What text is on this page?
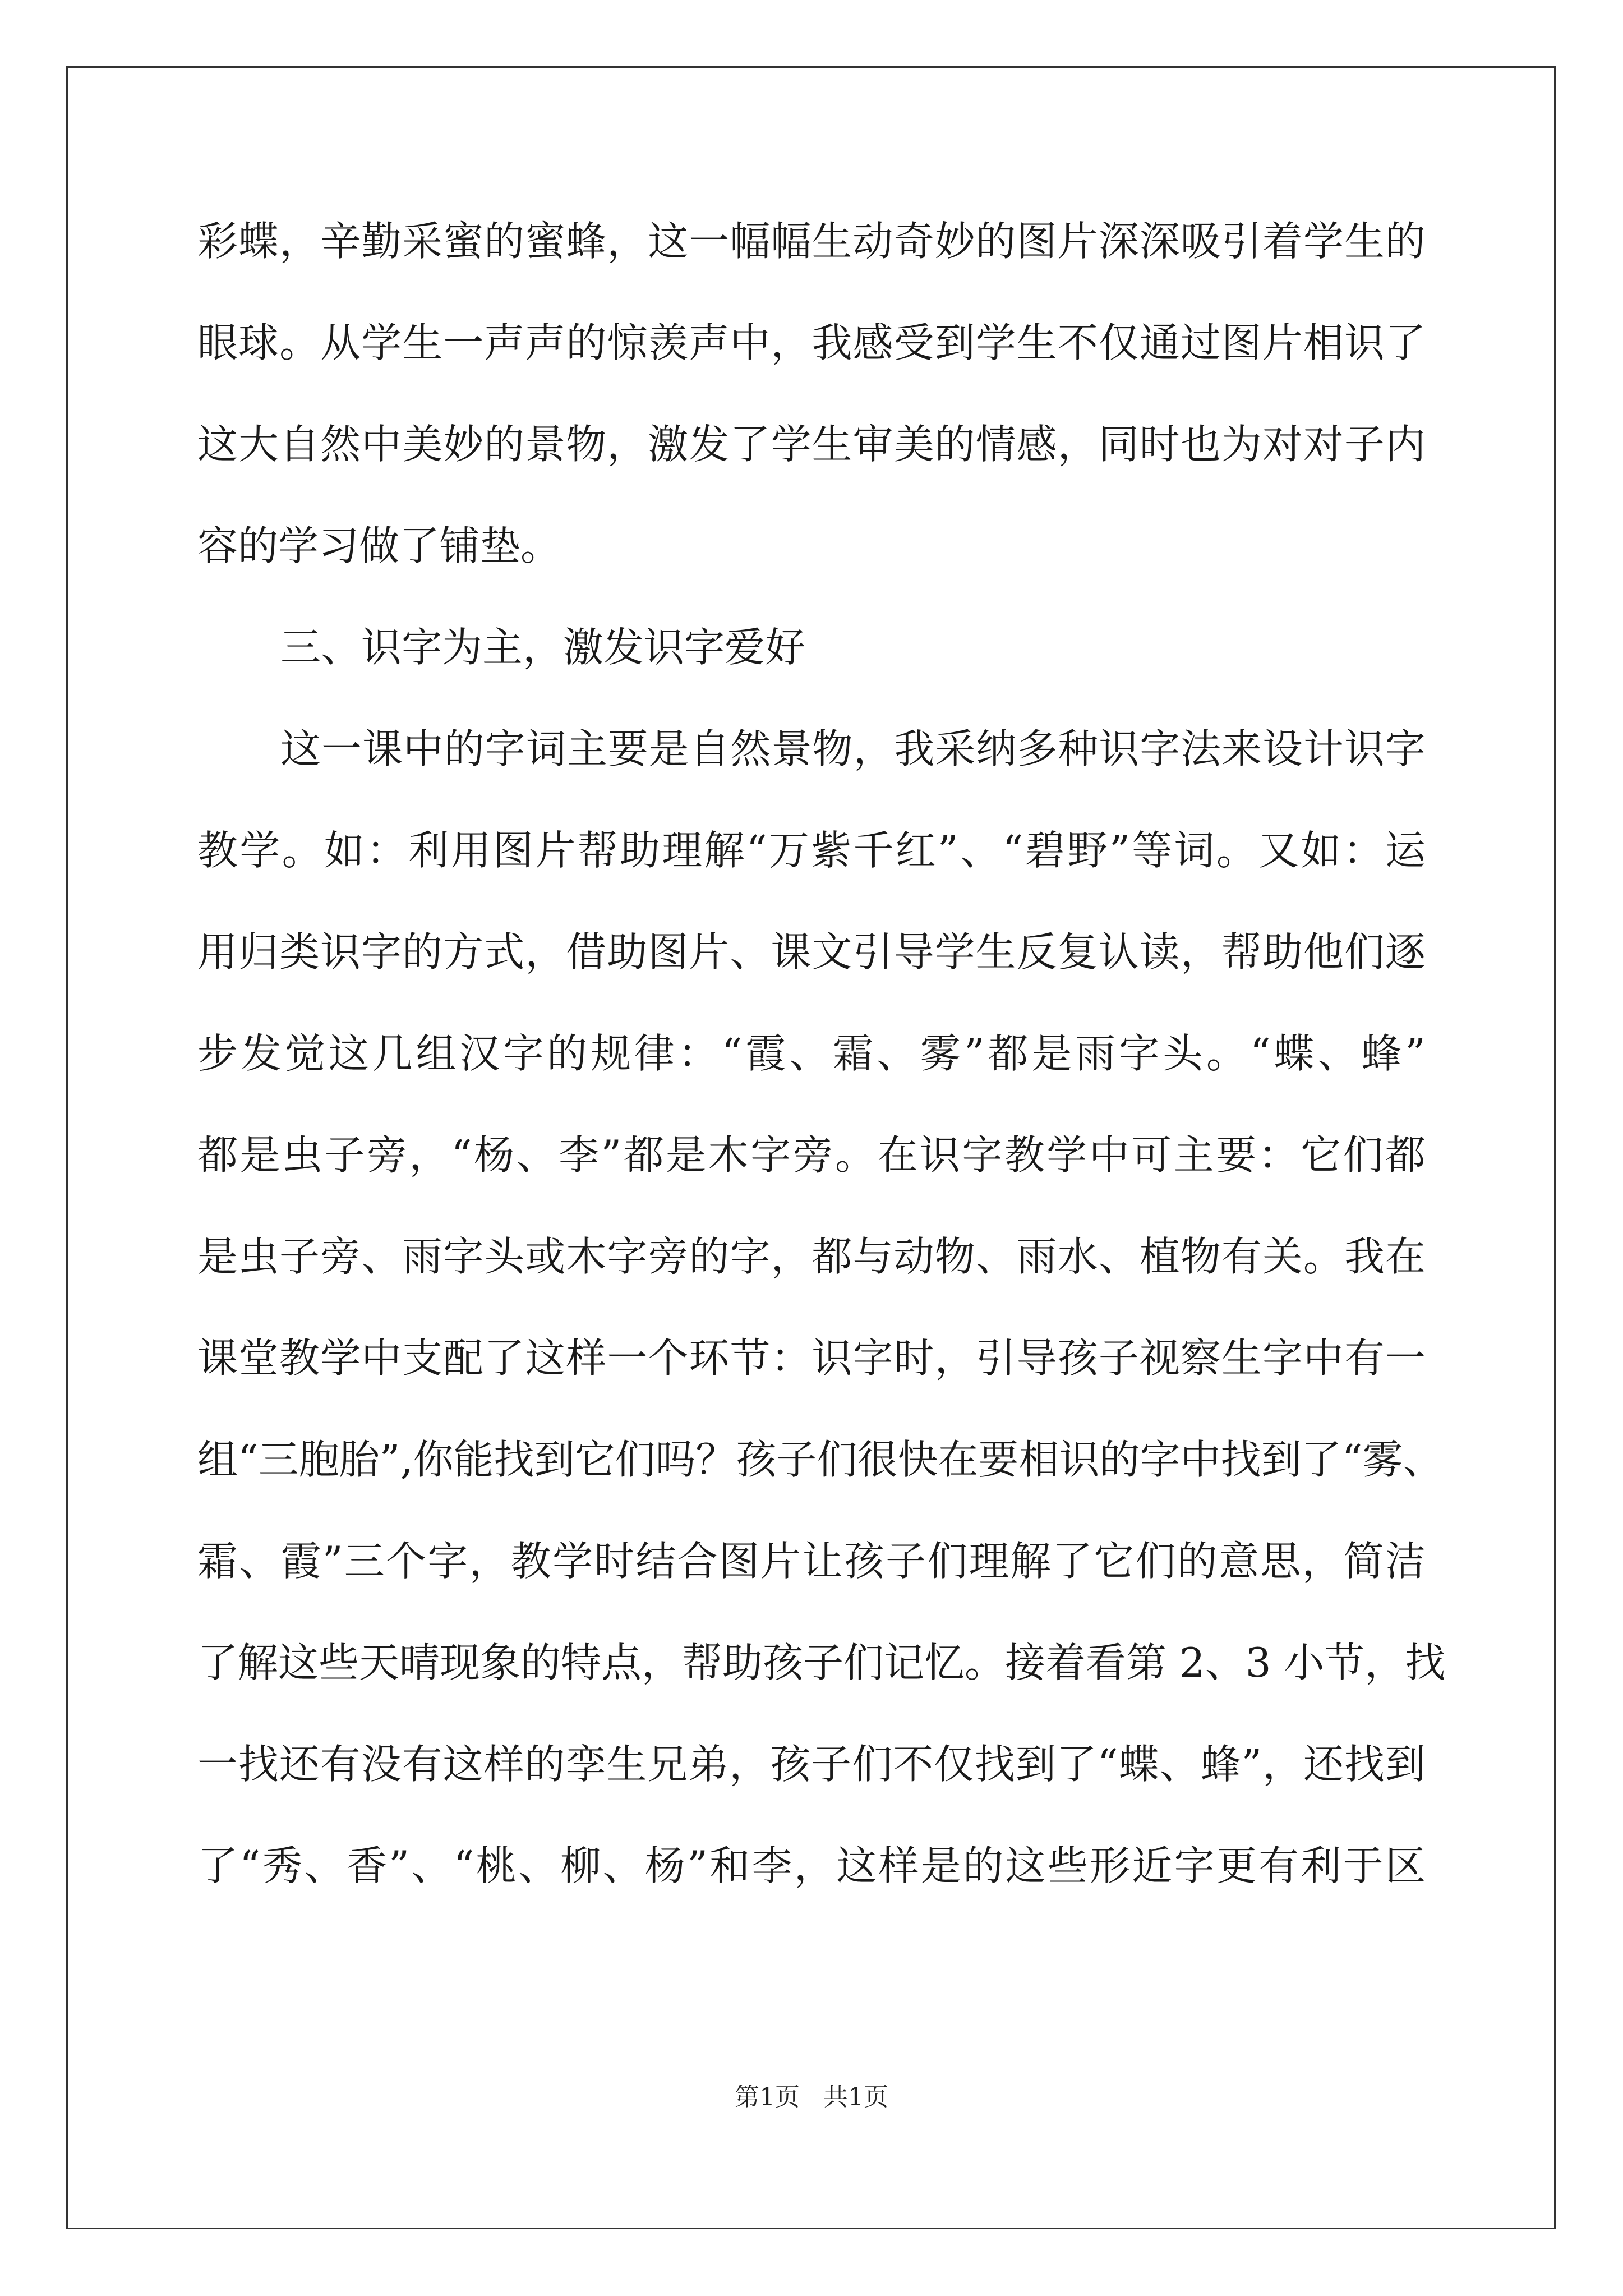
彩蝶，辛勤采蜜的蜜蜂，这一幅幅生动奇妙的图片深深吸引着学生的
眼球。从学生一声声的惊羡声中，我感受到学生不仅通过图片相识了
这大自然中美妙的景物，激发了学生审美的情感，同时也为对对子内
容的学习做了铺垫。
三、识字为主，激发识字爱好
这一课中的字词主要是自然景物，我采纳多种识字法来设计识字
教学。如：利用图片帮助理解“万紫千红”、“碧野”等词。又如：运
用归类识字的方式，借助图片、课文引导学生反复认读，帮助他们逐
步发觉这几组汉字的规律：“霞、霜、雾”都是雨字头。“蝶、蜂”
都是虫子旁，“杨、李”都是木字旁。在识字教学中可主要：它们都
是虫子旁、雨字头或木字旁的字，都与动物、雨水、植物有关。我在
课堂教学中支配了这样一个环节：识字时，引导孩子视察生字中有一
组“三胞胎”,你能找到它们吗？孩子们很快在要相识的字中找到了“雾、
霜、霞”三个字，教学时结合图片让孩子们理解了它们的意思，简洁
了解这些天晴现象的特点，帮助孩子们记忆。接着看第 2、3 小节，找
一找还有没有这样的孪生兄弟，孩子们不仅找到了“蝶、蜂”，还找到
了“秀、香”、“桃、柳、杨”和李，这样是的这些形近字更有利于区
第1页   共1页
